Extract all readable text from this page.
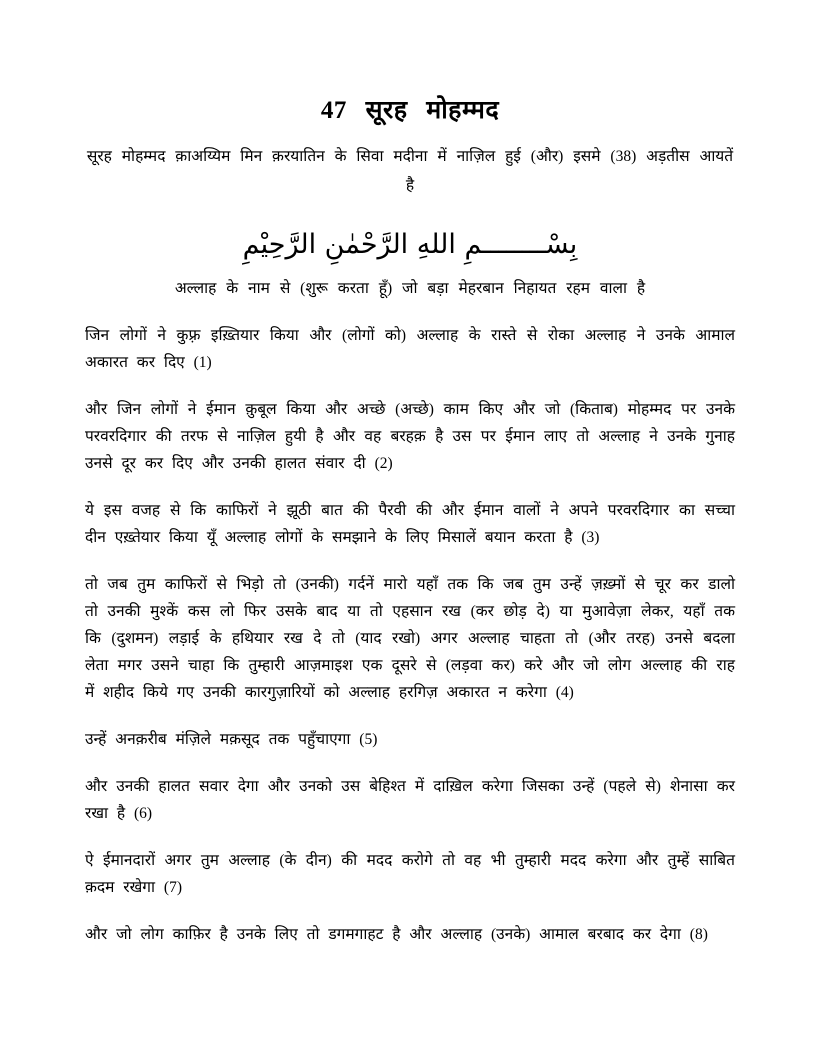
47 सूरह मोहम्मद
सूरह मोहम्मद क़ाअय्यिम मिन क़रयातिन के सिवा मदीना में नाज़िल हुई (और) इसमे (38) अड़तीस आयतें है
بِسْــــــــمِ اللهِ الرَّحْمٰنِ الرَّحِيْمِ
अल्लाह के नाम से (शुरू करता हूँ) जो बड़ा मेहरबान निहायत रहम वाला है

जिन लोगों ने कुफ़्र इख़्तियार किया और (लोगों को) अल्लाह के रास्ते से रोका अल्लाह ने उनके आमाल अकारत कर दिए (1)

और जिन लोगों ने ईमान क़ुबूल किया और अच्छे (अच्छे) काम किए और जो (किताब) मोहम्मद पर उनके परवरदिगार की तरफ से नाज़िल हुयी है और वह बरहक़ है उस पर ईमान लाए तो अल्लाह ने उनके गुनाह उनसे दूर कर दिए और उनकी हालत संवार दी (2)

ये इस वजह से कि काफिरों ने झूठी बात की पैरवी की और ईमान वालों ने अपने परवरदिगार का सच्चा दीन एख़्तेयार किया यूँ अल्लाह लोगों के समझाने के लिए मिसालें बयान करता है (3)

तो जब तुम काफिरों से भिड़ो तो (उनकी) गर्दनें मारो यहाँ तक कि जब तुम उन्हें ज़ख़्मों से चूर कर डालो तो उनकी मुश्कें कस लो फिर उसके बाद या तो एहसान रख (कर छोड़ दे) या मुआवेज़ा लेकर, यहाँ तक कि (दुशमन) लड़ाई के हथियार रख दे तो (याद रखो) अगर अल्लाह चाहता तो (और तरह) उनसे बदला लेता मगर उसने चाहा कि तुम्हारी आज़माइश एक दूसरे से (लड़वा कर) करे और जो लोग अल्लाह की राह में शहीद किये गए उनकी कारगुज़ारियों को अल्लाह हरगिज़ अकारत न करेगा (4)

उन्हें अनक़रीब मंज़िले मक़सूद तक पहुँचाएगा (5)

और उनकी हालत सवार देगा और उनको उस बेहिश्त में दाख़िल करेगा जिसका उन्हें (पहले से) शेनासा कर रखा है (6)

ऐ ईमानदारों अगर तुम अल्लाह (के दीन) की मदद करोगे तो वह भी तुम्हारी मदद करेगा और तुम्हें साबित क़दम रखेगा (7)

और जो लोग काफ़िर है उनके लिए तो डगमगाहट है और अल्लाह (उनके) आमाल बरबाद कर देगा (8)
